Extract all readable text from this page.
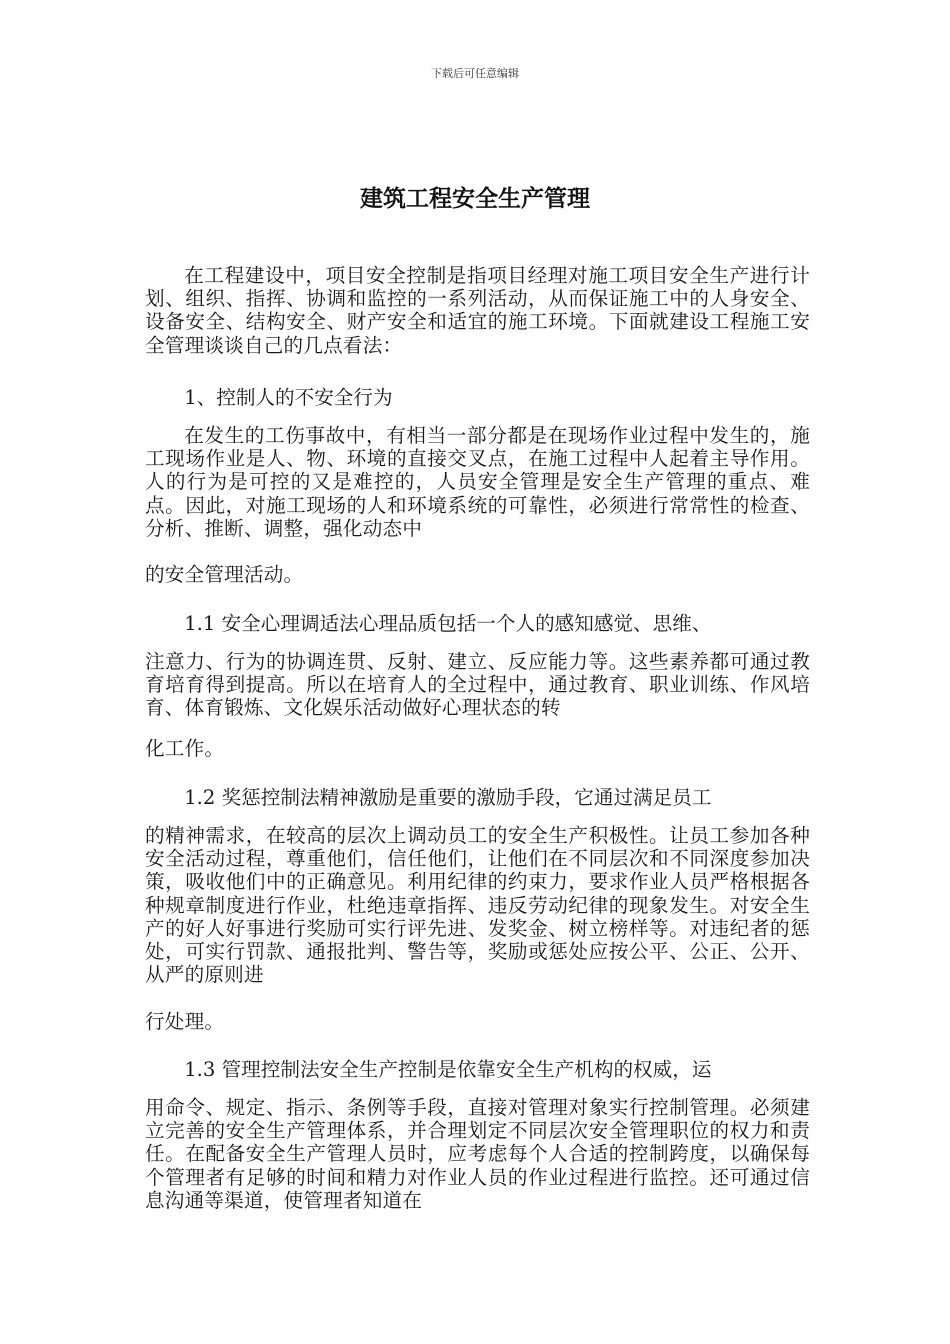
下载后可任意编辑
建筑工程安全生产管理

在工程建设中，项目安全控制是指项目经理对施工项目安全生产进行计划、组织、指挥、协调和监控的一系列活动，从而保证施工中的人身安全、设备安全、结构安全、财产安全和适宜的施工环境。下面就建设工程施工安全管理谈谈自己的几点看法：

1、控制人的不安全行为

在发生的工伤事故中，有相当一部分都是在现场作业过程中发生的，施工现场作业是人、物、环境的直接交叉点，在施工过程中人起着主导作用。人的行为是可控的又是难控的，人员安全管理是安全生产管理的重点、难点。因此，对施工现场的人和环境系统的可靠性，必须进行常常性的检查、分析、推断、调整，强化动态中

的安全管理活动。

1.1 安全心理调适法心理品质包括一个人的感知感觉、思维、

注意力、行为的协调连贯、反射、建立、反应能力等。这些素养都可通过教育培育得到提高。所以在培育人的全过程中，通过教育、职业训练、作风培育、体育锻炼、文化娱乐活动做好心理状态的转

化工作。

1.2 奖惩控制法精神激励是重要的激励手段，它通过满足员工

的精神需求，在较高的层次上调动员工的安全生产积极性。让员工参加各种安全活动过程，尊重他们，信任他们，让他们在不同层次和不同深度参加决策，吸收他们中的正确意见。利用纪律的约束力，要求作业人员严格根据各种规章制度进行作业，杜绝违章指挥、违反劳动纪律的现象发生。对安全生产的好人好事进行奖励可实行评先进、发奖金、树立榜样等。对违纪者的惩处，可实行罚款、通报批判、警告等，奖励或惩处应按公平、公正、公开、从严的原则进

行处理。

1.3 管理控制法安全生产控制是依靠安全生产机构的权威，运

用命令、规定、指示、条例等手段，直接对管理对象实行控制管理。必须建立完善的安全生产管理体系，并合理划定不同层次安全管理职位的权力和责任。在配备安全生产管理人员时，应考虑每个人合适的控制跨度，以确保每个管理者有足够的时间和精力对作业人员的作业过程进行监控。还可通过信息沟通等渠道，使管理者知道在
